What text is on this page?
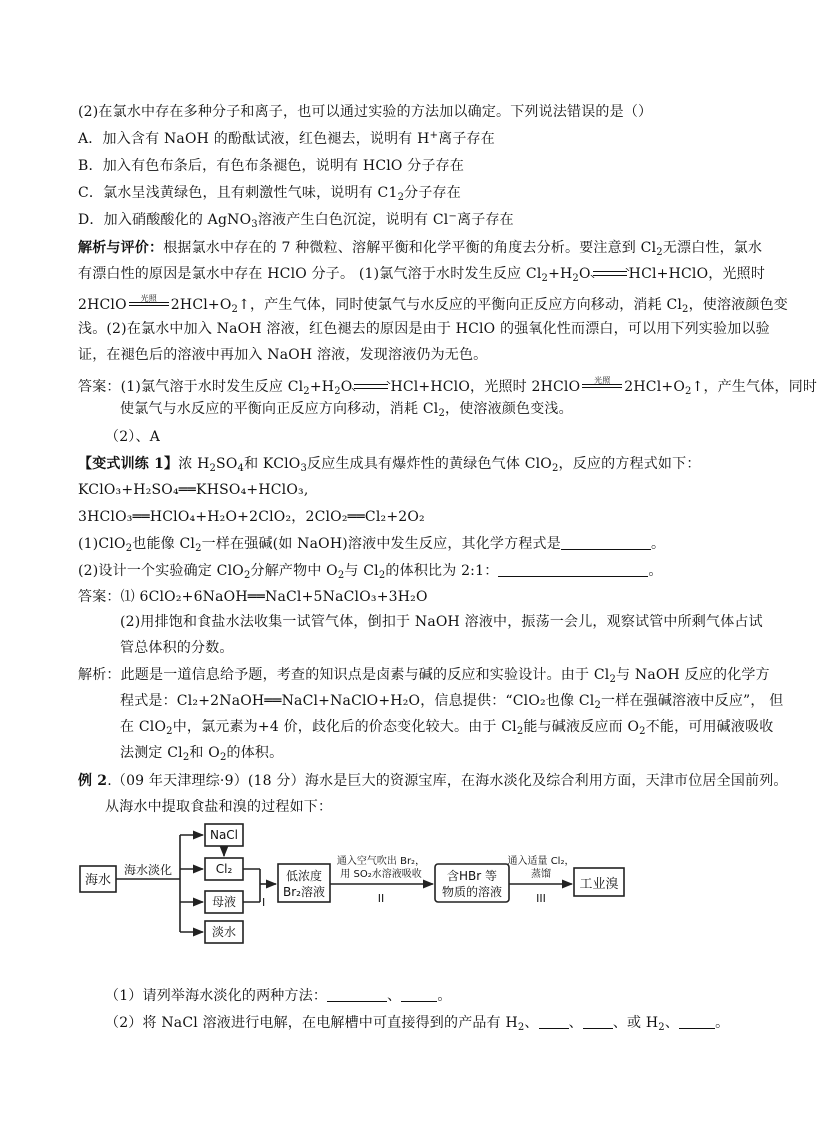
(2)在氯水中存在多种分子和离子，也可以通过实验的方法加以确定。下列说法错误的是（）
A．加入含有 NaOH 的酚酞试液，红色褪去，说明有 H+离子存在
B．加入有色布条后，有色布条褪色，说明有 HClO 分子存在
C．氯水呈浅黄绿色，且有刺激性气味，说明有 $C1_2$分子存在
D．加入硝酸酸化的 AgNO$_3$溶液产生白色沉淀，说明有 Cl−离子存在
解析与评价：根据氯水中存在的 7 种微粒、溶解平衡和化学平衡的角度去分析。要注意到 $Cl_2$无漂白性，氯水
有漂白性的原因是氯水中存在 HClO 分子。 (1)氯气溶于水时发生反应 $Cl_2+H_2O$	HCl+HClO，光照时
2HClO	光照 $2HCl+O_2↑$，产生气体，同时使氯气与水反应的平衡向正反应方向移动，消耗 $Cl_2$，使溶液颜色变
浅。(2)在氯水中加入 NaOH 溶液，红色褪去的原因是由于 HClO 的强氧化性而漂白，可以用下列实验加以验
证，在褪色后的溶液中再加入 NaOH 溶液，发现溶液仍为无色。
答案：(1)氯气溶于水时发生反应 $Cl_2+H_2O$	HCl+HClO，光照时 2HClO	光照 $2HCl+O_2↑$，产生气体，同时
使氯气与水反应的平衡向正反应方向移动，消耗 $Cl_2$，使溶液颜色变浅。
（2）、A
【变式训练 1】浓 $H_2SO_4$和 KClO$_3$反应生成具有爆炸性的黄绿色气体 ClO$_2$，反应的方程式如下：
KClO₃+H₂SO₄══KHSO₄+HClO₃,
3HClO₃══HClO₄+H₂O+2ClO₂，2ClO₂══Cl₂+2O₂
(1)ClO$_2$也能像 $Cl_2$一样在强碱(如 NaOH)溶液中发生反应，其化学方程式是	。
(2)设计一个实验确定 ClO$_2$分解产物中 $O_2$与 $Cl_2$的体积比为 2:1：	。
答案：⑴ 6ClO₂+6NaOH══NaCl+5NaClO₃+3H₂O
(2)用排饱和食盐水法收集一试管气体，倒扣于 NaOH 溶液中，振荡一会儿，观察试管中所剩气体占试
管总体积的分数。
解析：此题是一道信息给予题，考查的知识点是卤素与碱的反应和实验设计。由于 $Cl_2$与 NaOH 反应的化学方
程式是：Cl₂+2NaOH══NaCl+NaClO+H₂O，信息提供：“ClO₂也像 $Cl_2$一样在强碱溶液中反应”， 但
在 ClO$_2$中，氯元素为+4 价，歧化后的价态变化较大。由于 $Cl_2$能与碱液反应而 $O_2$不能，可用碱液吸收
法测定 $Cl_2$和 $O_2$的体积。
例 2.（09 年天津理综·9）(18 分）海水是巨大的资源宝库，在海水淡化及综合利用方面，天津市位居全国前列。
从海水中提取食盐和溴的过程如下：
海水
海水淡化
NaCl
Cl₂
母液
淡水
I
低浓度
Br₂溶液
通入空气吹出 Br₂，
用 SO₂水溶液吸收
II
含HBr 等
物质的溶液
通入适量 Cl₂，
蒸馏
III
工业溴
（1）请列举海水淡化的两种方法：	、	。
（2）将 NaCl 溶液进行电解，在电解槽中可直接得到的产品有 $H_2$、 、 、或 $H_2$、	。
